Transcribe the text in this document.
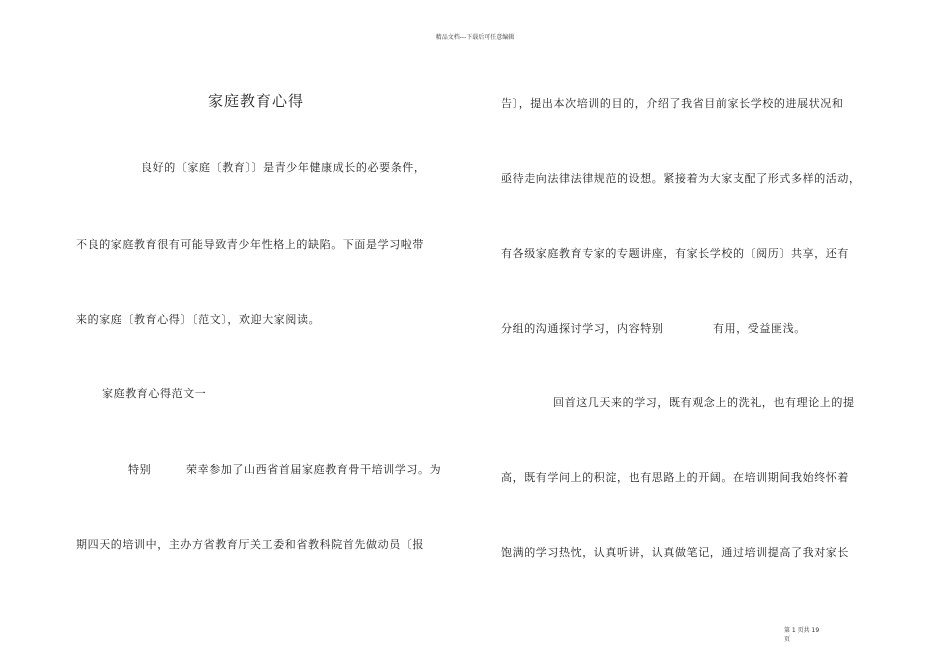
精品文档---下载后可任意编辑
家庭教育心得
良好的〔家庭〔教育〕〕是青少年健康成长的必要条件，
不良的家庭教育很有可能导致青少年性格上的缺陷。下面是学习啦带
来的家庭〔教育心得〕〔范文〕，欢迎大家阅读。
家庭教育心得范文一
特别	荣幸参加了山西省首届家庭教育骨干培训学习。为
期四天的培训中，主办方省教育厅关工委和省教科院首先做动员〔报
告〕，提出本次培训的目的，介绍了我省目前家长学校的进展状况和
亟待走向法律法律规范的设想。紧接着为大家支配了形式多样的活动，
有各级家庭教育专家的专题讲座，有家长学校的〔阅历〕共享，还有
分组的沟通探讨学习，内容特别	有用，受益匪浅。
回首这几天来的学习，既有观念上的洗礼，也有理论上的提
高，既有学问上的积淀，也有思路上的开阔。在培训期间我始终怀着
饱满的学习热忱，认真听讲，认真做笔记，通过培训提高了我对家长
第 1 页共 19
页
